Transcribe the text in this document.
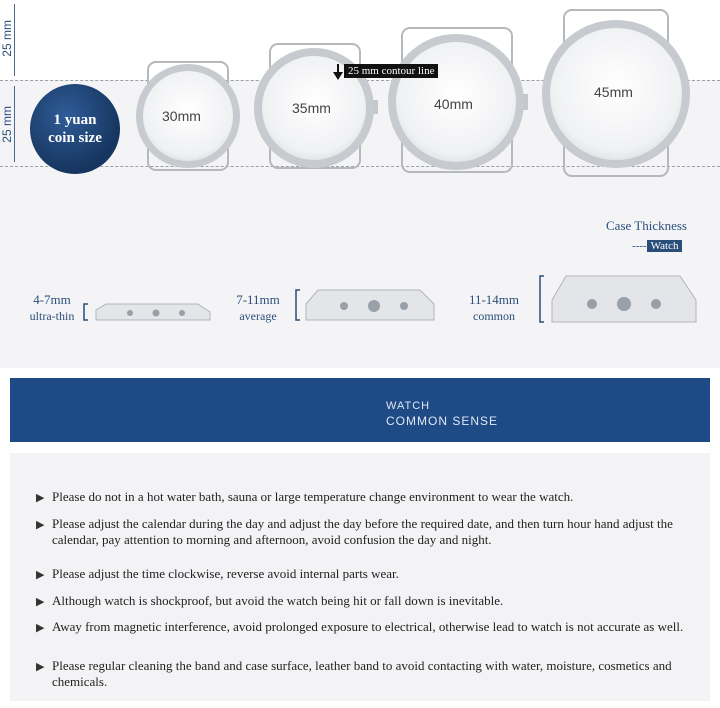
25 mm
25 mm	1 yuan
coin size
30mm	35mm	40mm
45mm
25 mm contour line
Case Thickness
---- Watch
4-7mm
ultra-thin
7-11mm
average
11-14mm
common
WATCH
COMMON SENSE
▶ Please do not in a hot water bath, sauna or large temperature change environment to wear the watch.
▶ Please adjust the calendar during the day and adjust the day before the required date, and then turn hour hand adjust the calendar, pay attention to morning and afternoon, avoid confusion the day and night.
▶ Please adjust the time clockwise, reverse avoid internal parts wear.
▶ Although watch is shockproof, but avoid the watch being hit or fall down is inevitable.
▶ Away from magnetic interference, avoid prolonged exposure to electrical, otherwise lead to watch is not accurate as well.
▶ Please regular cleaning the band and case surface, leather band to avoid contacting with water, moisture, cosmetics and chemicals.
